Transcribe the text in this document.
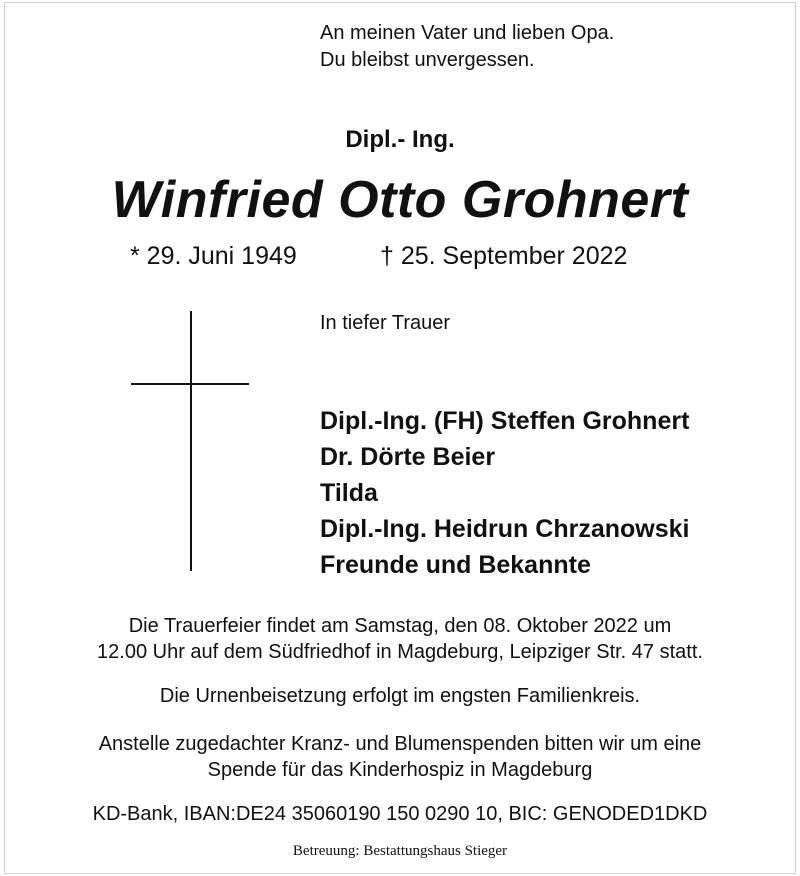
An meinen Vater und lieben Opa.
Du bleibst unvergessen.
Dipl.- Ing.
Winfried Otto Grohnert
* 29. Juni 1949	† 25. September 2022
In tiefer Trauer
Dipl.-Ing. (FH) Steffen Grohnert
Dr. Dörte Beier
Tilda
Dipl.-Ing. Heidrun Chrzanowski
Freunde und Bekannte
Die Trauerfeier findet am Samstag, den 08. Oktober 2022 um
12.00 Uhr auf dem Südfriedhof in Magdeburg, Leipziger Str. 47 statt.
Die Urnenbeisetzung erfolgt im engsten Familienkreis.
Anstelle zugedachter Kranz- und Blumenspenden bitten wir um eine
Spende für das Kinderhospiz in Magdeburg
KD-Bank, IBAN:DE24 35060190 150 0290 10, BIC: GENODED1DKD
Betreuung: Bestattungshaus Stieger
